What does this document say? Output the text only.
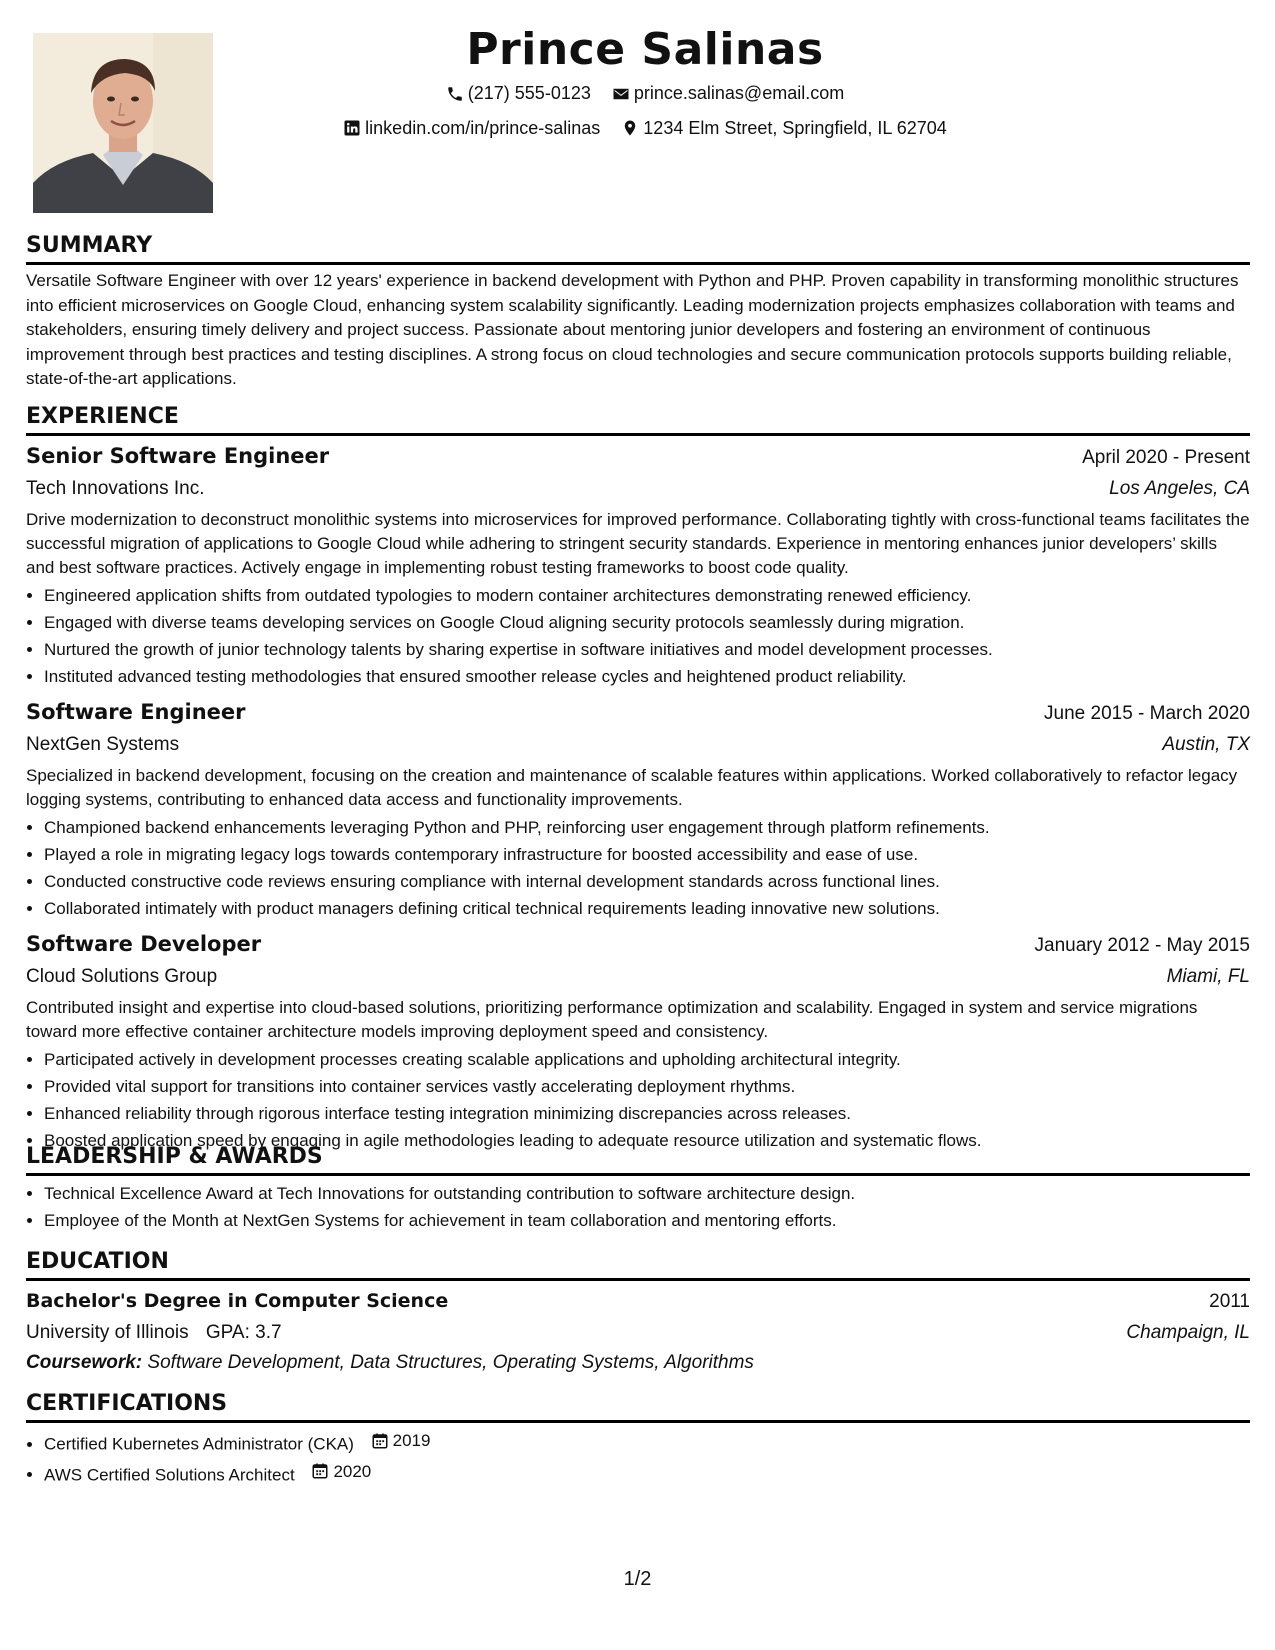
Prince Salinas
(217) 555-0123
prince.salinas@email.com
linkedin.com/in/prince-salinas
1234 Elm Street, Springfield, IL 62704
SUMMARY

Versatile Software Engineer with over 12 years' experience in backend development with Python and PHP. Proven capability in transforming monolithic structures into efficient microservices on Google Cloud, enhancing system scalability significantly. Leading modernization projects emphasizes collaboration with teams and stakeholders, ensuring timely delivery and project success. Passionate about mentoring junior developers and fostering an environment of continuous improvement through best practices and testing disciplines. A strong focus on cloud technologies and secure communication protocols supports building reliable, state-of-the-art applications.

EXPERIENCE
Senior Software Engineer	April 2020 - Present
Tech Innovations Inc.	Los Angeles, CA

Drive modernization to deconstruct monolithic systems into microservices for improved performance. Collaborating tightly with cross-functional teams facilitates the successful migration of applications to Google Cloud while adhering to stringent security standards. Experience in mentoring enhances junior developers’ skills and best software practices. Actively engage in implementing robust testing frameworks to boost code quality.

• Engineered application shifts from outdated typologies to modern container architectures demonstrating renewed efficiency.
• Engaged with diverse teams developing services on Google Cloud aligning security protocols seamlessly during migration.
• Nurtured the growth of junior technology talents by sharing expertise in software initiatives and model development processes.
• Instituted advanced testing methodologies that ensured smoother release cycles and heightened product reliability.
Software Engineer	June 2015 - March 2020
NextGen Systems	Austin, TX

Specialized in backend development, focusing on the creation and maintenance of scalable features within applications. Worked collaboratively to refactor legacy logging systems, contributing to enhanced data access and functionality improvements.

• Championed backend enhancements leveraging Python and PHP, reinforcing user engagement through platform refinements.
• Played a role in migrating legacy logs towards contemporary infrastructure for boosted accessibility and ease of use.
• Conducted constructive code reviews ensuring compliance with internal development standards across functional lines.
• Collaborated intimately with product managers defining critical technical requirements leading innovative new solutions.
Software Developer	January 2012 - May 2015
Cloud Solutions Group	Miami, FL

Contributed insight and expertise into cloud-based solutions, prioritizing performance optimization and scalability. Engaged in system and service migrations toward more effective container architecture models improving deployment speed and consistency.

• Participated actively in development processes creating scalable applications and upholding architectural integrity.
• Provided vital support for transitions into container services vastly accelerating deployment rhythms.
• Enhanced reliability through rigorous interface testing integration minimizing discrepancies across releases.
• Boosted application speed by engaging in agile methodologies leading to adequate resource utilization and systematic flows.
LEADERSHIP & AWARDS
• Technical Excellence Award at Tech Innovations for outstanding contribution to software architecture design.
• Employee of the Month at NextGen Systems for achievement in team collaboration and mentoring efforts.
EDUCATION
Bachelor's Degree in Computer Science	2011
University of Illinois GPA: 3.7	Champaign, IL
Coursework: Software Development, Data Structures, Operating Systems, Algorithms
CERTIFICATIONS
• Certified Kubernetes Administrator (CKA) 2019
• AWS Certified Solutions Architect 2020
1/2
